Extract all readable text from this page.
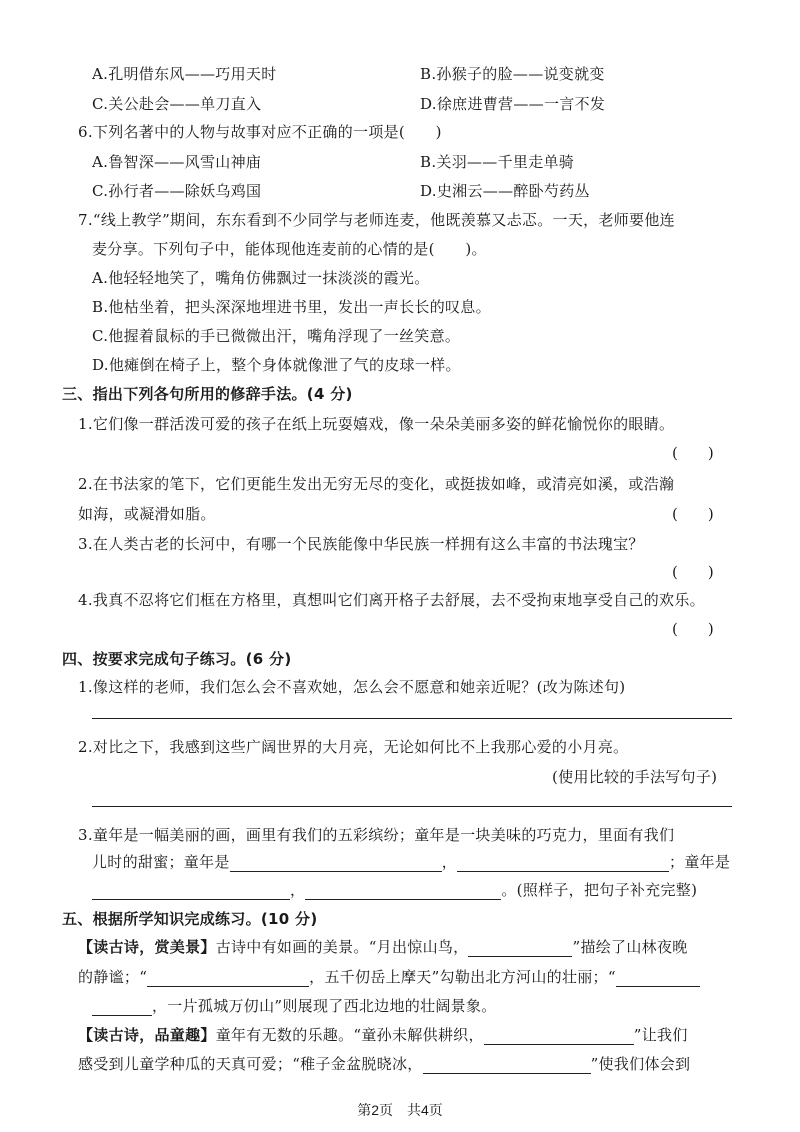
A.孔明借东风——巧用天时	B.孙猴子的脸——说变就变
C.关公赴会——单刀直入	D.徐庶进曹营——一言不发
6.下列名著中的人物与故事对应不正确的一项是(　　)
A.鲁智深——风雪山神庙	B.关羽——千里走单骑
C.孙行者——除妖乌鸡国	D.史湘云——醉卧芍药丛
7.“线上教学”期间，东东看到不少同学与老师连麦，他既羡慕又忐忑。一天，老师要他连
麦分享。下列句子中，能体现他连麦前的心情的是(　　)。
A.他轻轻地笑了，嘴角仿佛飘过一抹淡淡的霞光。
B.他枯坐着，把头深深地埋进书里，发出一声长长的叹息。
C.他握着鼠标的手已微微出汗，嘴角浮现了一丝笑意。
D.他瘫倒在椅子上，整个身体就像泄了气的皮球一样。
三、指出下列各句所用的修辞手法。(4 分)
1.它们像一群活泼可爱的孩子在纸上玩耍嬉戏，像一朵朵美丽多姿的鲜花愉悦你的眼睛。
(　　)
2.在书法家的笔下，它们更能生发出无穷无尽的变化，或挺拔如峰，或清亮如溪，或浩瀚
如海，或凝滑如脂。	(　　)
3.在人类古老的长河中，有哪一个民族能像中华民族一样拥有这么丰富的书法瑰宝？
(　　)
4.我真不忍将它们框在方格里，真想叫它们离开格子去舒展，去不受拘束地享受自己的欢乐。
(　　)
四、按要求完成句子练习。(6 分)
1.像这样的老师，我们怎么会不喜欢她，怎么会不愿意和她亲近呢？(改为陈述句)
2.对比之下，我感到这些广阔世界的大月亮，无论如何比不上我那心爱的小月亮。
(使用比较的手法写句子)
3.童年是一幅美丽的画，画里有我们的五彩缤纷；童年是一块美味的巧克力，里面有我们
儿时的甜蜜；童年是	，	；童年是
，	。(照样子，把句子补充完整)
五、根据所学知识完成练习。(10 分)
【读古诗，赏美景】古诗中有如画的美景。“月出惊山鸟，	”描绘了山林夜晚
的静谧；“	，五千仞岳上摩天”勾勒出北方河山的壮丽；“
，一片孤城万仞山”则展现了西北边地的壮阔景象。
【读古诗，品童趣】童年有无数的乐趣。“童孙未解供耕织，	”让我们
感受到儿童学种瓜的天真可爱；“稚子金盆脱晓冰，	”使我们体会到
第2页　共4页
